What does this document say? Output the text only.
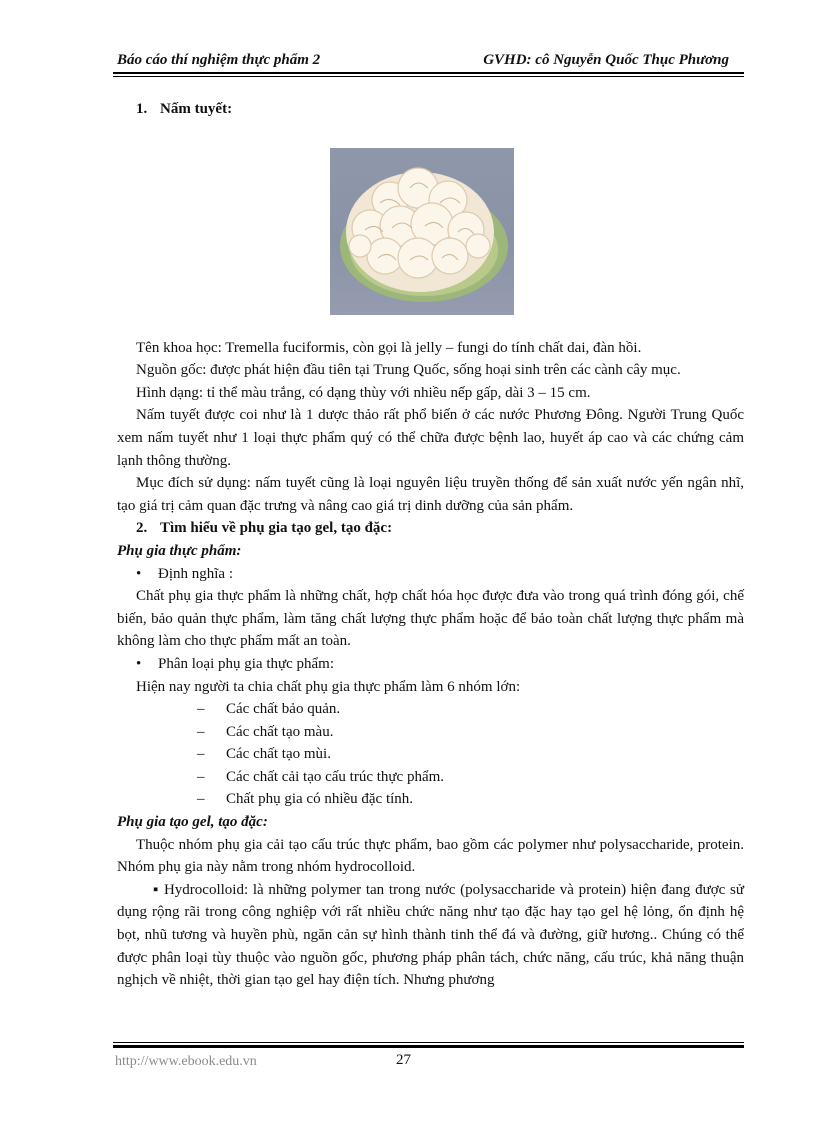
Báo cáo thí nghiệm thực phẩm 2	GVHD: cô Nguyễn Quốc Thục Phương

1. Nấm tuyết:

Tên khoa học: Tremella fuciformis, còn gọi là jelly – fungi do tính chất dai, đàn hồi.

Nguồn gốc: được phát hiện đầu tiên tại Trung Quốc, sống hoại sinh trên các cành cây mục.

Hình dạng: tỉ thể màu trắng, có dạng thùy với nhiều nếp gấp, dài 3 – 15 cm.

Nấm tuyết được coi như là 1 dược thảo rất phổ biến ở các nước Phương Đông. Người Trung Quốc xem nấm tuyết như 1 loại thực phẩm quý có thể chữa được bệnh lao, huyết áp cao và các chứng cảm lạnh thông thường.

Mục đích sử dụng: nấm tuyết cũng là loại nguyên liệu truyền thống để sản xuất nước yến ngân nhĩ, tạo giá trị cảm quan đặc trưng và nâng cao giá trị dinh dưỡng của sản phẩm.

2. Tìm hiểu về phụ gia tạo gel, tạo đặc:

Phụ gia thực phẩm:

• Định nghĩa :

Chất phụ gia thực phẩm là những chất, hợp chất hóa học được đưa vào trong quá trình đóng gói, chế biến, bảo quản thực phẩm, làm tăng chất lượng thực phẩm hoặc để bảo toàn chất lượng thực phẩm mà không làm cho thực phẩm mất an toàn.

• Phân loại phụ gia thực phẩm:

Hiện nay người ta chia chất phụ gia thực phẩm làm 6 nhóm lớn:

– Các chất bảo quản.

– Các chất tạo màu.

– Các chất tạo mùi.

– Các chất cải tạo cấu trúc thực phẩm.

– Chất phụ gia có nhiều đặc tính.

Phụ gia tạo gel, tạo đặc:

Thuộc nhóm phụ gia cải tạo cấu trúc thực phẩm, bao gồm các polymer như polysaccharide, protein. Nhóm phụ gia này nằm trong nhóm hydrocolloid.

▪ Hydrocolloid: là những polymer tan trong nước (polysaccharide và protein) hiện đang được sử dụng rộng rãi trong công nghiệp với rất nhiều chức năng như tạo đặc hay tạo gel hệ lỏng, ổn định hệ bọt, nhũ tương và huyền phù, ngăn cản sự hình thành tinh thể đá và đường, giữ hương.. Chúng có thể được phân loại tùy thuộc vào nguồn gốc, phương pháp phân tách, chức năng, cấu trúc, khả năng thuận nghịch về nhiệt, thời gian tạo gel hay điện tích. Nhưng phương

http://www.ebook.edu.vn	27
